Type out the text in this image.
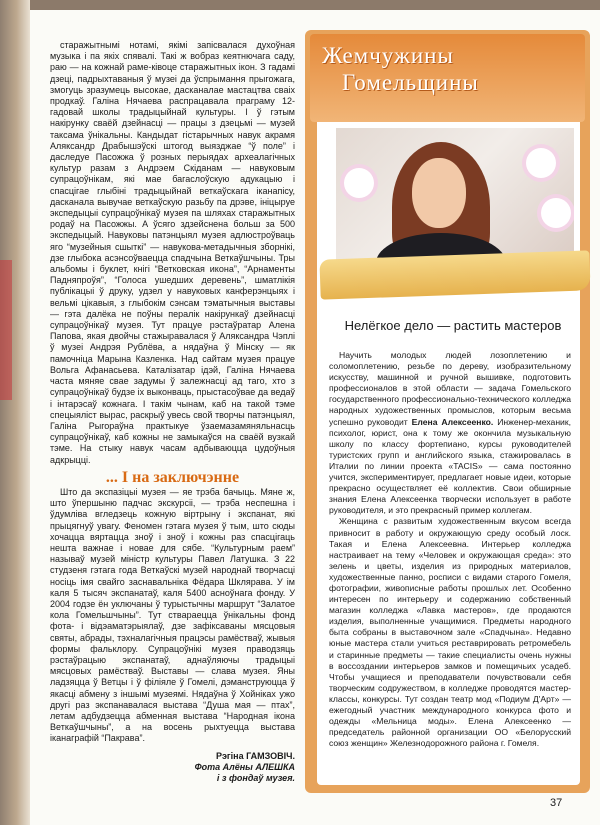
старажытнымі нотамі, якімі запісвалася духоўная музыка і па якіх спявалі. Такі ж вобраз кеятнючага саду, раю — на кожнай раме-ківоце старажытных ікон. З гадамі дзецi, падрыхтаваныя ў музеі да ўспрымання прыгожага, змогуць зразумець высокае, дасканалае мастацтва сваіх продкаў. Галіна Нячаева распрацавала праграму 12-гадовай школы традыцыйнай культуры. І ў гэтым накірунку сваёй дзейнасці — працы з дзецьмі — музей таксама ўнікальны. Кандыдат гістарычных навук акрамя Аляксандр Драбышэўскі штогод выязджае “ў поле” і даследуе Пасожжа ў розных перыядах археалагічных культур разам з Андрэем Скіданам — навуковым супрацоўнікам, які мае багаслоўскую адукацыю і спасцігае глыбіні традыцыйнай веткаўскага іканапісу, дасканала вывучае веткаўскую разьбу па дрэве, ініцыруе экспедыцыі супрацоўнікаў музея па шляхах старажытных родаў на Пасожжы. А ўсяго здзейснена больш за 500 экспедыцый. Навуковы патэнцыял музея адлюстроўваць яго “музейныя сшыткі” — навукова-метадычныя зборнікі, дзе глыбока асэнсоўваецца спадчына Веткаўшчыны. Тры альбомы і буклет, кнігі “Ветковская икона”, “Арнаменты Падняпроўя”, “Голоса ушедших деревень”, шматлікія публікацыі ў друку, удзел у навуковых канферэнцыях і вельмі цікавыя, з глыбокім сэнсам тэматычныя выставы — гэта далёка не поўны пералік накірункаў дзейнасці супрацоўнікаў музея. Тут працуе рэстаўратар Алена Папова, якая двойчы стажыравалася ў Аляксандра Чэплі ў музеі Андрэя Рублёва, а нядаўна ў Мінску — як памочніца Марына Казленка. Над сайтам музея працуе Вольга Афанасьева. Каталізатар ідэй, Галіна Нячаева часта мяняе свае задумы ў залежнасці ад таго, хто з супрацоўнікаў будзе іх выконваць, прыстасоўвае да ведаў і інтарэсаў кожнага. І такім чынам, каб на такой тэме спецыяліст вырас, раскрыў увесь свой творчы патэнцыял, Галіна Рыгораўна практыкуе ўзаемазамяняльнасць супрацоўнікаў, каб кожны не замыкаўся на сваёй вузкай тэме. На стыку навук часам адбываюцца цудоўныя адкрыцці.

... І на заключэнне

Што да экспазіцыі музея — яе трэба бачыць. Мяне ж, што ўпершыню падчас экскурсіі, — трэба неспешна і ўдумліва вгледзець кожную віртрыну і экспанат, які прыцягнуў увагу. Феномен гэтага музея ў тым, што сюды хочацца вяртацца зноў і зноў і кожны раз спасцігаць нешта важнае і новае для сябе. “Культурным раем” называў музей міністр культуры Павел Латушка. З 22 студзеня гэтага года Веткаўскі музей народнай творчасці носіць імя свайго заснавальніка Фёдара Шкляравa. У ім каля 5 тысяч экспанатаў, каля 5400 асноўнага фонду. У 2004 годзе ён уключаны ў турыстычны маршрут “Залатое кола Гомельшчыны”. Тут ствараецца ўнікальны фонд фота- і відэаматэрыялаў, дзе зафіксаваны мясцовыя святы, абрады, тэхналагічныя працэсы рамёстваў, жывыя формы фальклору. Супрацоўнікі музея праводзяць рэстаўрацыю экспанатаў, аднаўляючы традыцыі мясцовых рамёстваў. Выставы — слава музея. Яны ладзяцца ў Ветцы і ў філіяле ў Гомелі, дэманструюцца ў якасці абмену з іншымі музеямі. Нядаўна ў Хойніках ужо другі раз экспанавалася выстава “Душа мая — птах”, летам адбудзецца абменная выстава “Народная ікона Веткаўшчыны”, а на восень рыхтуецца выстава іканаграфій “Пакрава”.

Рэгіна ГАМЗОВІЧ.
Фота Алёны АЛЕШКА
і з фондаў музея.
Жемчужины
Гомельщины
Нелёгкое дело — растить мастеров

Научить молодых людей лозоплетению и соломоплетению, резьбе по дереву, изобразительному искусству, машинной и ручной вышивке, подготовить профессионалов в этой области — задача Гомельского государственного профессионально-технического колледжа народных художественных промыслов, которым весьма успешно руководит Елена Алексеенко. Инженер-механик, психолог, юрист, она к тому же окончила музыкальную школу по классу фортепиано, курсы руководителей туристских групп и английского языка, стажировалась в Италии по линии проекта «TACIS» — сама постоянно учится, экспериментирует, предлагает новые идеи, которые прекрасно осуществляет её коллектив. Свои обширные знания Елена Алексеенка творчески использует в работе руководителя, и это прекрасный пример коллегам.

Женщина с развитым художественным вкусом всегда привносит в работу и окружающую среду особый лоск. Такая и Елена Алексеевна. Интерьер колледжа настраивает на тему «Человек и окружающая среда»: это зелень и цветы, изделия из природных материалов, художественные панно, росписи с видами старого Гомеля, фотографии, живописные работы прошлых лет. Особенно интересен по интерьеру и содержанию собственный магазин колледжа «Лавка мастеров», где продаются изделия, выполненные учащимися. Предметы народного быта собраны в выставочном зале «Спадчына». Недавно юные мастера стали учиться реставрировать ретромебель и старинные предметы — такие специалисты очень нужны в воссоздании интерьеров замков и помещичьих усадеб. Чтобы учащиеся и преподаватели почувствовали себя творческим содружеством, в колледже проводятся мастер-классы, конкурсы. Тут создан театр мод «Подиум Д'Арт» — ежегодный участник международного конкурса фото и одежды «Мельница моды». Елена Алексеенко — председатель районной организации ОО «Белорусский союз женщин» Железнодорожного района г. Гомеля.

37
